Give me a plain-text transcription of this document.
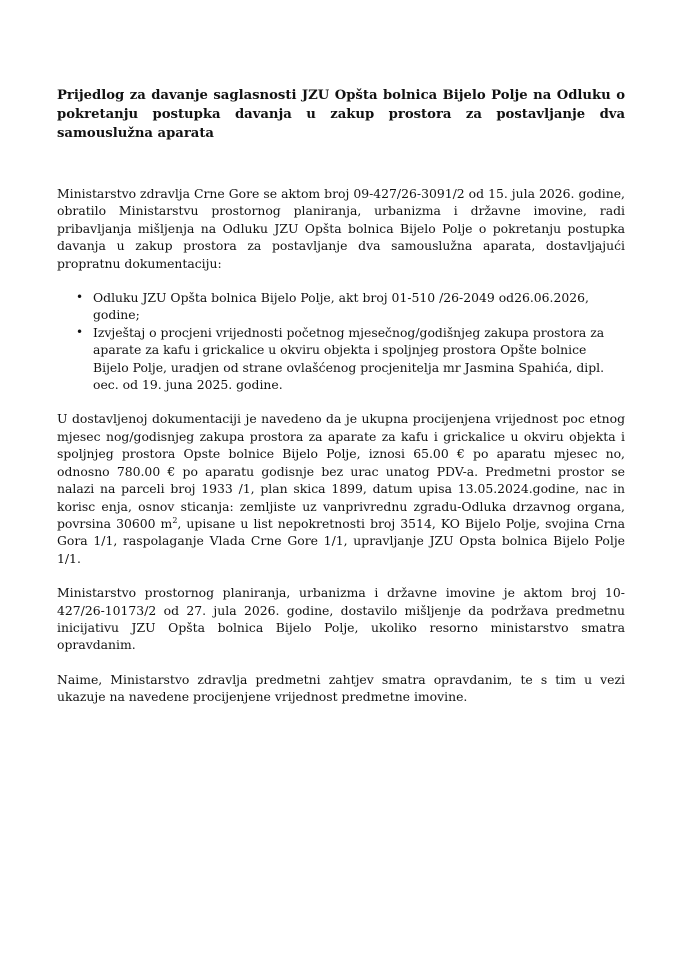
Prijedlog za davanje saglasnosti JZU Opšta bolnica Bijelo Polje na Odluku o pokretanju postupka davanja u zakup prostora za postavljanje dva samouslužna aparata

Ministarstvo zdravlja Crne Gore se aktom broj 09-427/26-3091/2 od 15. jula 2026. godine, obratilo Ministarstvu prostornog planiranja, urbanizma i državne imovine, radi pribavljanja mišljenja na Odluku JZU Opšta bolnica Bijelo Polje o pokretanju postupka davanja u zakup prostora za postavljanje dva samouslužna aparata, dostavljajući propratnu dokumentaciju:

• Odluku JZU Opšta bolnica Bijelo Polje, akt broj 01-510 /26-2049 od26.06.2026, godine;
• Izvještaj o procjeni vrijednosti početnog mjesečnog/godišnjeg zakupa prostora za aparate za kafu i grickalice u okviru objekta i spoljnjeg prostora Opšte bolnice Bijelo Polje, uradjen od strane ovlašćenog procjenitelja mr Jasmina Spahića, dipl. oec. od 19. juna 2025. godine.

U dostavljenoj dokumentaciji je navedeno da je ukupna procijenjena vrijednost poc etnog mjesec nog/godisnjeg zakupa prostora za aparate za kafu i grickalice u okviru objekta i spoljnjeg prostora Opste bolnice Bijelo Polje, iznosi 65.00 € po aparatu mjesec no, odnosno 780.00 € po aparatu godisnje bez urac unatog PDV-a. Predmetni prostor se nalazi na parceli broj 1933 /1, plan skica 1899, datum upisa 13.05.2024.godine, nac in korisc enja, osnov sticanja: zemljiste uz vanprivrednu zgradu-Odluka drzavnog organa, povrsina 30600 $m^2$, upisane u list nepokretnosti broj 3514, KO Bijelo Polje, svojina Crna Gora 1/1, raspolaganje Vlada Crne Gore 1/1, upravljanje JZU Opsta bolnica Bijelo Polje 1/1.

Ministarstvo prostornog planiranja, urbanizma i državne imovine je aktom broj 10-427/26-10173/2 od 27. jula 2026. godine, dostavilo mišljenje da podržava predmetnu inicijativu JZU Opšta bolnica Bijelo Polje, ukoliko resorno ministarstvo smatra opravdanim.

Naime, Ministarstvo zdravlja predmetni zahtjev smatra opravdanim, te s tim u vezi ukazuje na navedene procijenjene vrijednost predmetne imovine.
